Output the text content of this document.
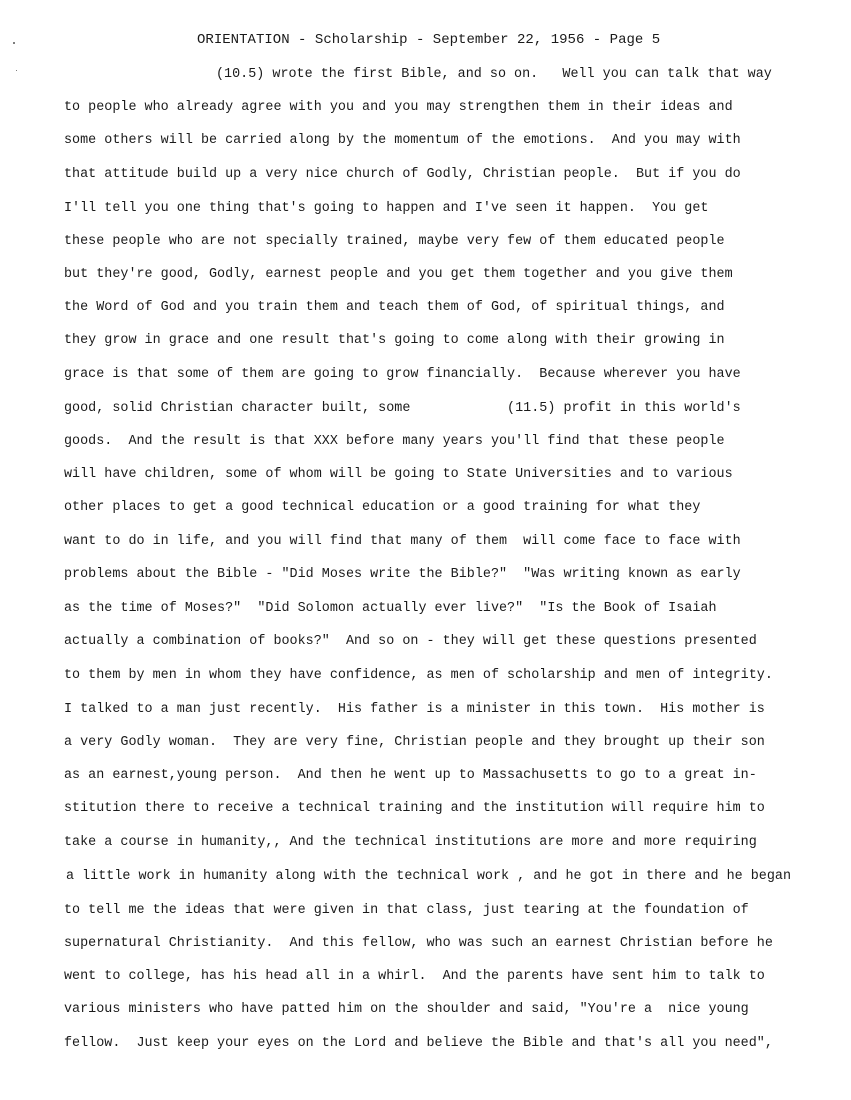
ORIENTATION - Scholarship - September 22, 1956 - Page 5
(10.5) wrote the first Bible, and so on.   Well you can talk that way
to people who already agree with you and you may strengthen them in their ideas and
some others will be carried along by the momentum of the emotions.  And you may with
that attitude build up a very nice church of Godly, Christian people.  But if you do
I'll tell you one thing that's going to happen and I've seen it happen.  You get
these people who are not specially trained, maybe very few of them educated people
but they're good, Godly, earnest people and you get them together and you give them
the Word of God and you train them and teach them of God, of spiritual things, and
they grow in grace and one result that's going to come along with their growing in
grace is that some of them are going to grow financially.  Because wherever you have
good, solid Christian character built, some            (11.5) profit in this world's
goods.  And the result is that XXX before many years you'll find that these people
will have children, some of whom will be going to State Universities and to various
other places to get a good technical education or a good training for what they
want to do in life, and you will find that many of them  will come face to face with
problems about the Bible - "Did Moses write the Bible?"  "Was writing known as early
as the time of Moses?"  "Did Solomon actually ever live?"  "Is the Book of Isaiah
actually a combination of books?"  And so on - they will get these questions presented
to them by men in whom they have confidence, as men of scholarship and men of integrity.
I talked to a man just recently.  His father is a minister in this town.  His mother is
a very Godly woman.  They are very fine, Christian people and they brought up their son
as an earnest,young person.  And then he went up to Massachusetts to go to a great in-
stitution there to receive a technical training and the institution will require him to
take a course in humanity,, And the technical institutions are more and more requiring
a little work in humanity along with the technical work , and he got in there and he began
to tell me the ideas that were given in that class, just tearing at the foundation of
supernatural Christianity.  And this fellow, who was such an earnest Christian before he
went to college, has his head all in a whirl.  And the parents have sent him to talk to
various ministers who have patted him on the shoulder and said, "You're a  nice young
fellow.  Just keep your eyes on the Lord and believe the Bible and that's all you need",
